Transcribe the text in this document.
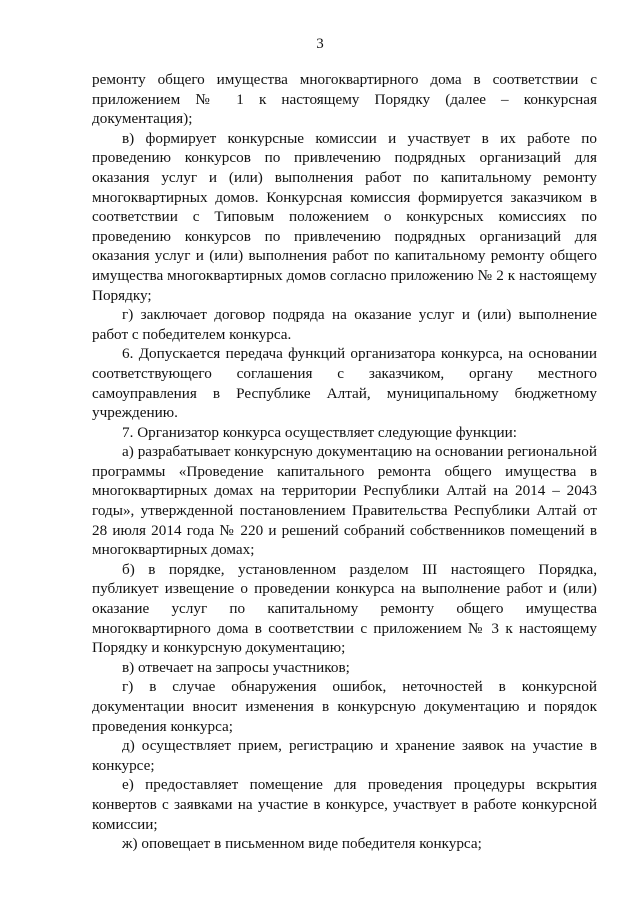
3

ремонту общего имущества многоквартирного дома в соответствии с приложением № 1 к настоящему Порядку (далее – конкурсная документация);

в) формирует конкурсные комиссии и участвует в их работе по проведению конкурсов по привлечению подрядных организаций для оказания услуг и (или) выполнения работ по капитальному ремонту многоквартирных домов. Конкурсная комиссия формируется заказчиком в соответствии с Типовым положением о конкурсных комиссиях по проведению конкурсов по привлечению подрядных организаций для оказания услуг и (или) выполнения работ по капитальному ремонту общего имущества многоквартирных домов согласно приложению № 2 к настоящему Порядку;

г) заключает договор подряда на оказание услуг и (или) выполнение работ с победителем конкурса.

6. Допускается передача функций организатора конкурса, на основании соответствующего соглашения с заказчиком, органу местного самоуправления в Республике Алтай, муниципальному бюджетному учреждению.

7. Организатор конкурса осуществляет следующие функции:

а) разрабатывает конкурсную документацию на основании региональной программы «Проведение капитального ремонта общего имущества в многоквартирных домах на территории Республики Алтай на 2014 – 2043 годы», утвержденной постановлением Правительства Республики Алтай от 28 июля 2014 года № 220 и решений собраний собственников помещений в многоквартирных домах;

б) в порядке, установленном разделом III настоящего Порядка, публикует извещение о проведении конкурса на выполнение работ и (или) оказание услуг по капитальному ремонту общего имущества многоквартирного дома в соответствии с приложением № 3 к настоящему Порядку и конкурсную документацию;

в) отвечает на запросы участников;

г) в случае обнаружения ошибок, неточностей в конкурсной документации вносит изменения в конкурсную документацию и порядок проведения конкурса;

д) осуществляет прием, регистрацию и хранение заявок на участие в конкурсе;

е) предоставляет помещение для проведения процедуры вскрытия конвертов с заявками на участие в конкурсе, участвует в работе конкурсной комиссии;

ж) оповещает в письменном виде победителя конкурса;
